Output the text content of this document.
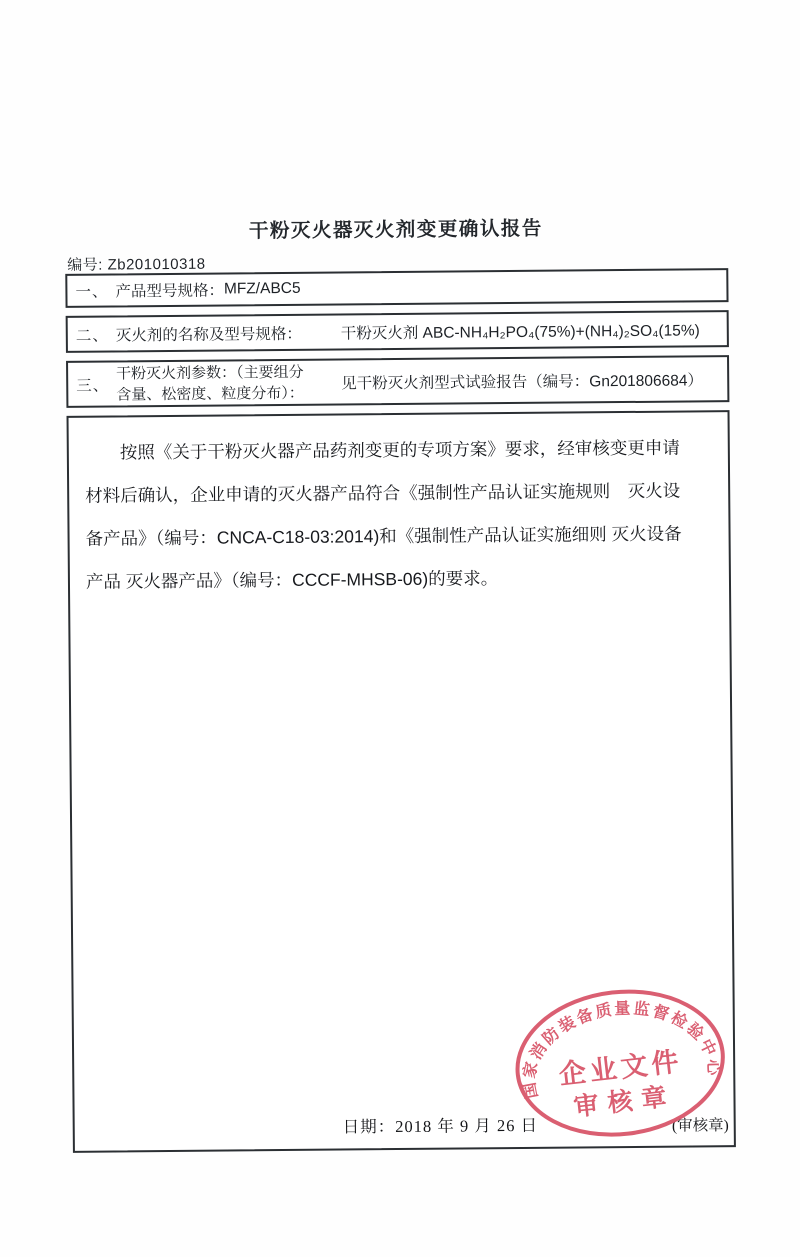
干粉灭火器灭火剂变更确认报告
编号: Zb201010318
一、 产品型号规格： MFZ/ABC5
二、 灭火剂的名称及型号规格：	干粉灭火剂 ABC-NH₄H₂PO₄(75%)+(NH₄)₂SO₄(15%)
三、
干粉灭火剂参数：（主要组分
含量、松密度、粒度分布）：
见干粉灭火剂型式试验报告（编号：Gn201806684）
按照《关于干粉灭火器产品药剂变更的专项方案》要求，经审核变更申请
材料后确认，企业申请的灭火器产品符合《强制性产品认证实施规则　灭火设
备产品》（编号：CNCA-C18-03:2014)和《强制性产品认证实施细则 灭火设备
产品 灭火器产品》（编号：CCCF-MHSB-06)的要求。
日期：2018 年 9 月 26 日	(审核章)
国家消防装备质量监督检验中心
企业文件
审核章
